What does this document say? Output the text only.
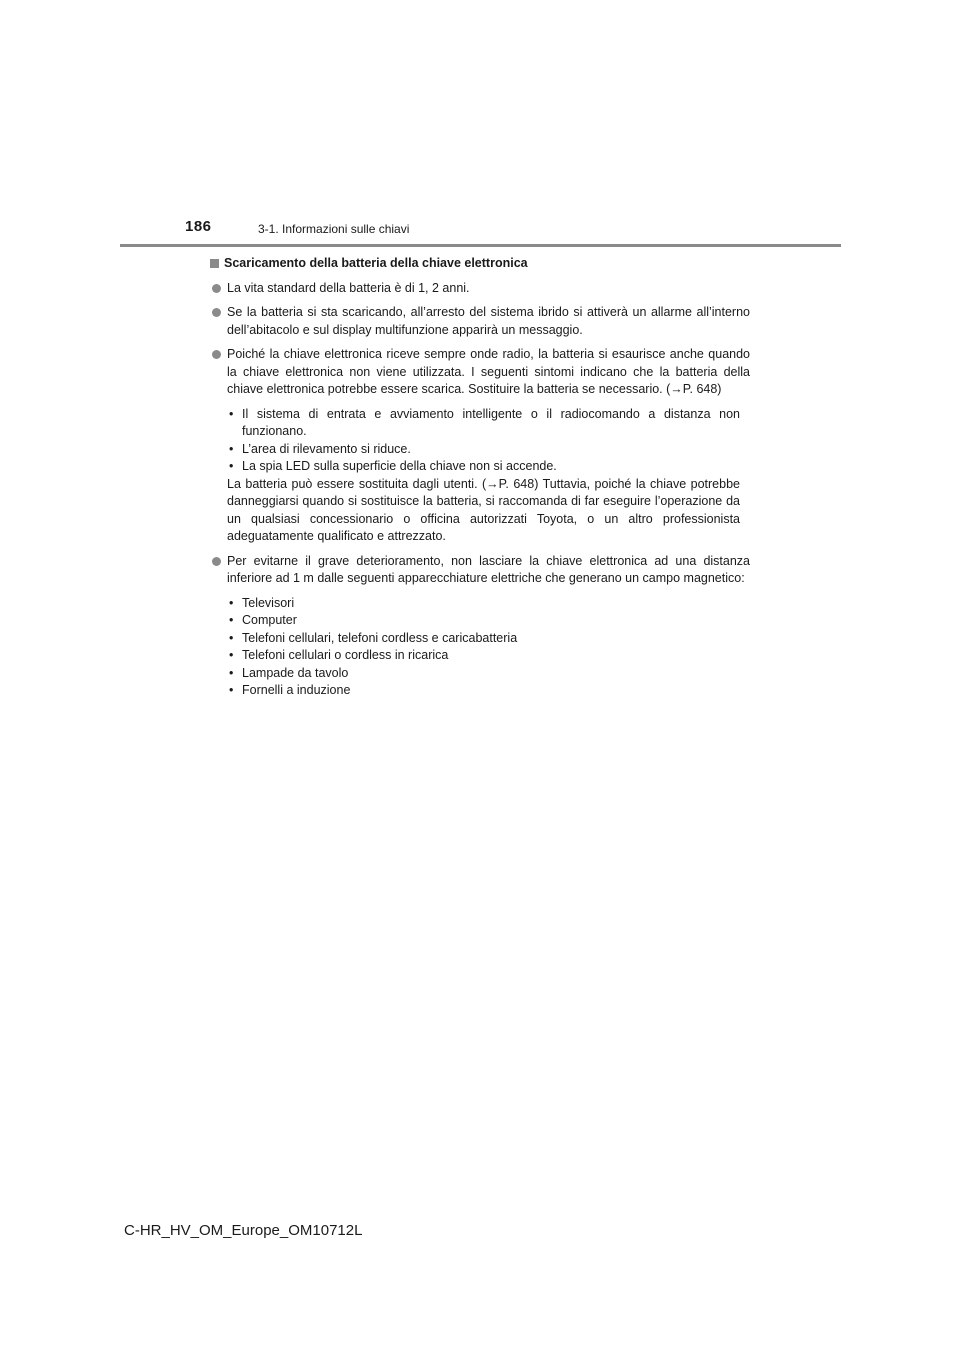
186	3-1. Informazioni sulle chiavi
Scaricamento della batteria della chiave elettronica
La vita standard della batteria è di 1, 2 anni.
Se la batteria si sta scaricando, all’arresto del sistema ibrido si attiverà un allarme all’interno dell’abitacolo e sul display multifunzione apparirà un messaggio.
Poiché la chiave elettronica riceve sempre onde radio, la batteria si esaurisce anche quando la chiave elettronica non viene utilizzata. I seguenti sintomi indicano che la batteria della chiave elettronica potrebbe essere scarica. Sostituire la batteria se necessario. (→P. 648)
• Il sistema di entrata e avviamento intelligente o il radiocomando a distanza non funzionano.
• L’area di rilevamento si riduce.
• La spia LED sulla superficie della chiave non si accende.
La batteria può essere sostituita dagli utenti. (→P. 648) Tuttavia, poiché la chiave potrebbe danneggiarsi quando si sostituisce la batteria, si raccomanda di far eseguire l’operazione da un qualsiasi concessionario o officina autorizzati Toyota, o un altro professionista adeguatamente qualificato e attrezzato.
Per evitarne il grave deterioramento, non lasciare la chiave elettronica ad una distanza inferiore ad 1 m dalle seguenti apparecchiature elettriche che generano un campo magnetico:
• Televisori
• Computer
• Telefoni cellulari, telefoni cordless e caricabatteria
• Telefoni cellulari o cordless in ricarica
• Lampade da tavolo
• Fornelli a induzione
C-HR_HV_OM_Europe_OM10712L
